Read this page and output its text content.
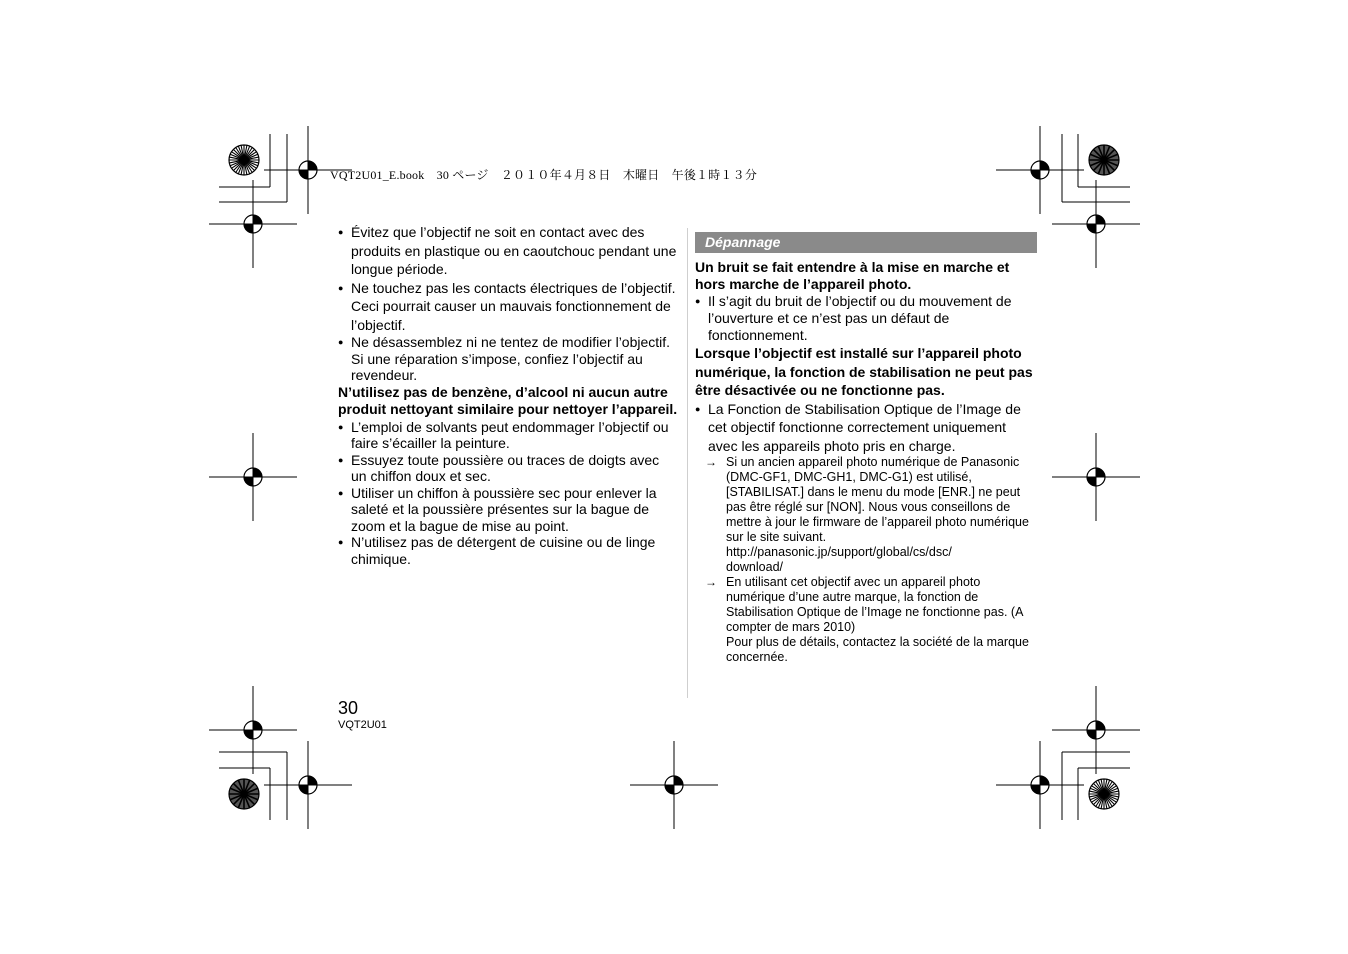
VQT2U01_E.book　30 ページ　２０１０年４月８日　木曜日　午後１時１３分

● Évitez que l’objectif ne soit en contact avec des produits en plastique ou en caoutchouc pendant une longue période.

● Ne touchez pas les contacts électriques de l’objectif. Ceci pourrait causer un mauvais fonctionnement de l’objectif.

● Ne désassemblez ni ne tentez de modifier l’objectif. Si une réparation s’impose, confiez l’objectif au revendeur.

N’utilisez pas de benzène, d’alcool ni aucun autre produit nettoyant similaire pour nettoyer l’appareil.

● L’emploi de solvants peut endommager l’objectif ou faire s’écailler la peinture.

● Essuyez toute poussière ou traces de doigts avec un chiffon doux et sec.

● Utiliser un chiffon à poussière sec pour enlever la saleté et la poussière présentes sur la bague de zoom et la bague de mise au point.

● N’utilisez pas de détergent de cuisine ou de linge chimique.

Dépannage

Un bruit se fait entendre à la mise en marche et hors marche de l’appareil photo.

● Il s’agit du bruit de l’objectif ou du mouvement de l’ouverture et ce n’est pas un défaut de fonctionnement.

Lorsque l’objectif est installé sur l’appareil photo numérique, la fonction de stabilisation ne peut pas être désactivée ou ne fonctionne pas.

● La Fonction de Stabilisation Optique de l’Image de cet objectif fonctionne correctement uniquement avec les appareils photo pris en charge.

→ Si un ancien appareil photo numérique de Panasonic (DMC-GF1, DMC-GH1, DMC-G1) est utilisé, [STABILISAT.] dans le menu du mode [ENR.] ne peut pas être réglé sur [NON]. Nous vous conseillons de mettre à jour le firmware de l’appareil photo numérique sur le site suivant.
http://panasonic.jp/support/global/cs/dsc/
download/
→ En utilisant cet objectif avec un appareil photo numérique d’une autre marque, la fonction de Stabilisation Optique de l’Image ne fonctionne pas. (A compter de mars 2010)
Pour plus de détails, contactez la société de la marque concernée.
30
VQT2U01
